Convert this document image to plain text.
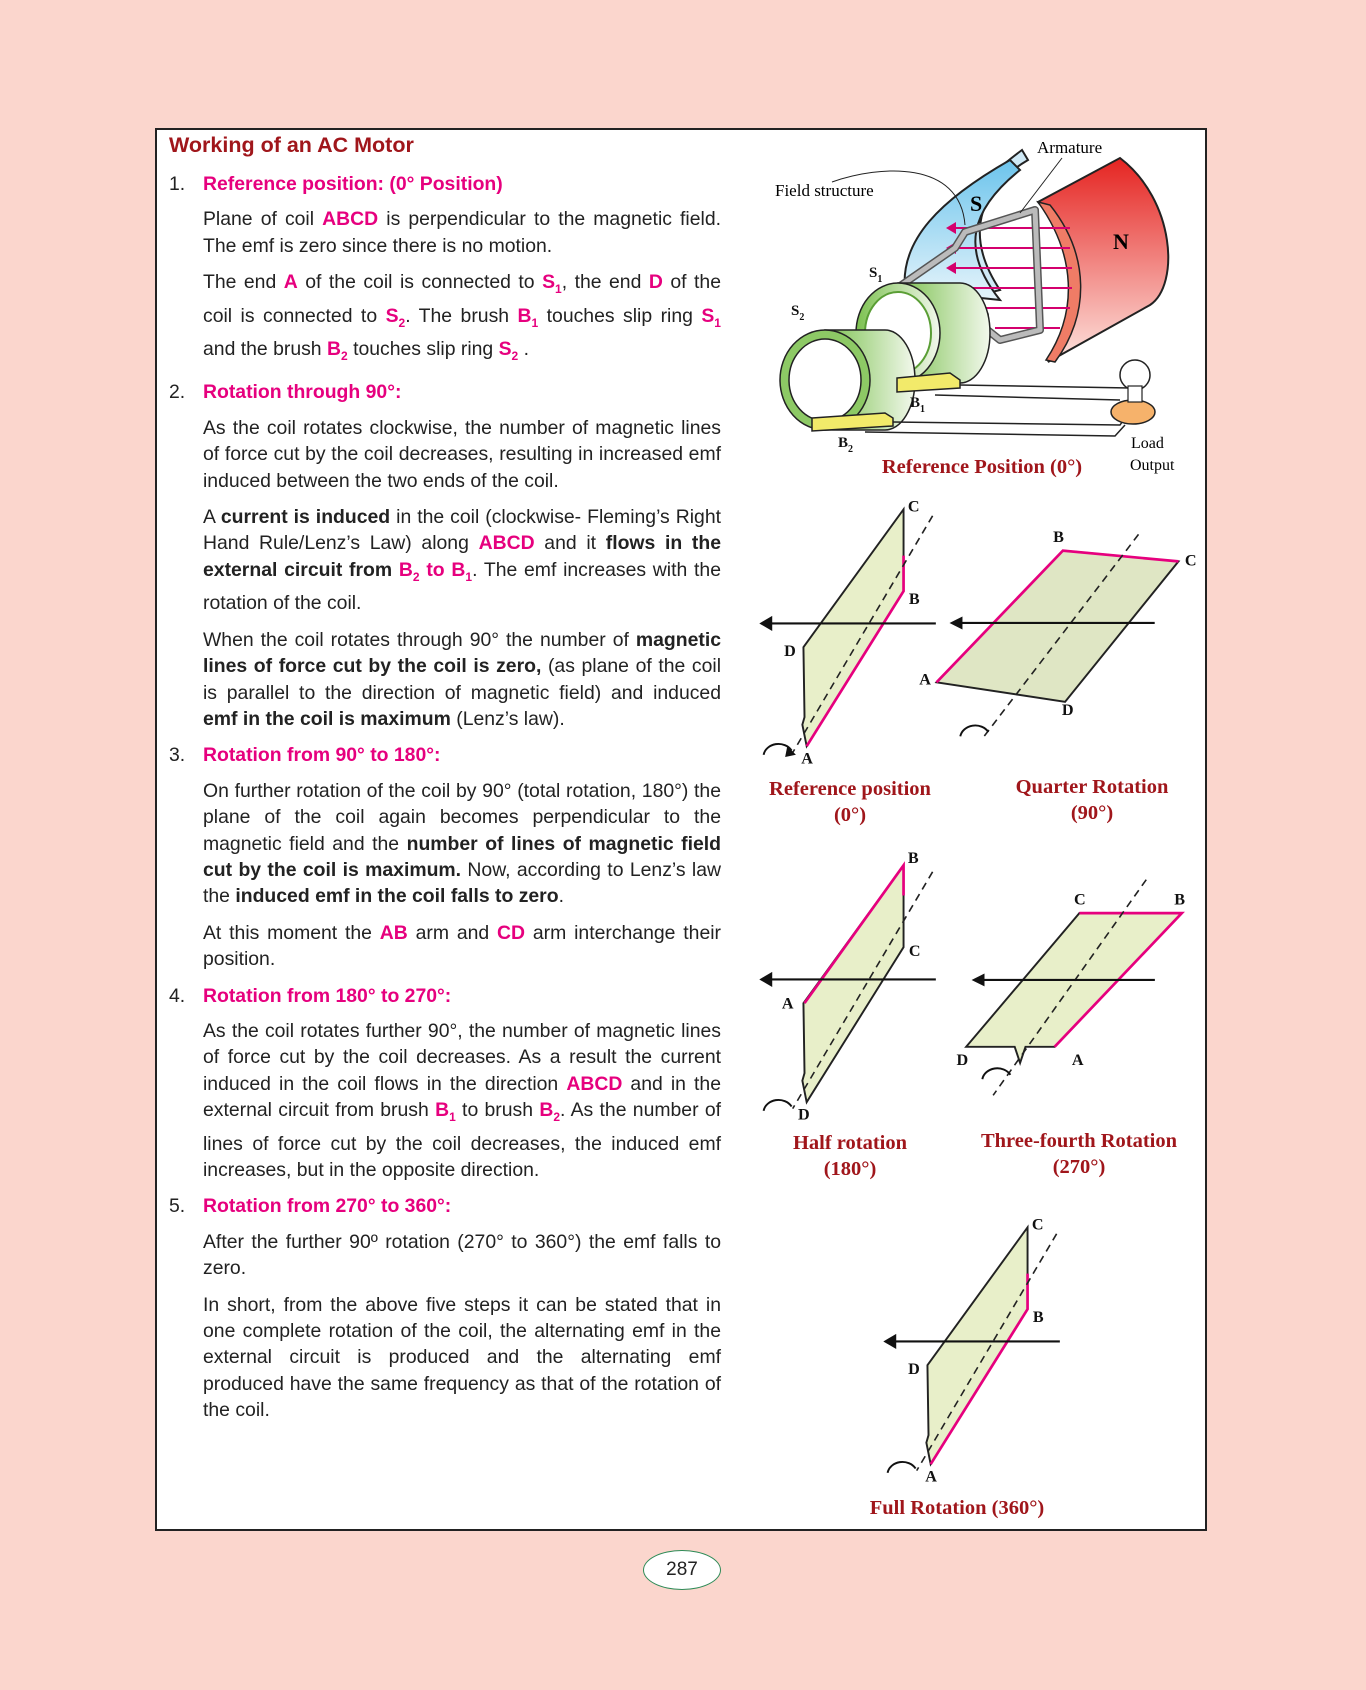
Working of an AC Motor
1. Reference position: (0° Position)
Plane of coil ABCD is perpendicular to the magnetic field. The emf is zero since there is no motion.
The end A of the coil is connected to $S_1$, the end D of the coil is connected to $S_2$. The brush $B_1$ touches slip ring $S_1$ and the brush $B_2$ touches slip ring $S_2$ .
2. Rotation through 90°:
As the coil rotates clockwise, the number of magnetic lines of force cut by the coil decreases, resulting in increased emf induced between the two ends of the coil.
A current is induced in the coil (clockwise- Fleming’s Right Hand Rule/Lenz’s Law) along ABCD and it flows in the external circuit from $B_2$ to $B_1$. The emf increases with the rotation of the coil.
When the coil rotates through 90° the number of magnetic lines of force cut by the coil is zero, (as plane of the coil is parallel to the direction of magnetic field) and induced emf in the coil is maximum (Lenz’s law).
3. Rotation from 90° to 180°:
On further rotation of the coil by 90° (total rotation, 180°) the plane of the coil again becomes perpendicular to the magnetic field and the number of lines of magnetic field cut by the coil is maximum. Now, according to Lenz’s law the induced emf in the coil falls to zero.
At this moment the AB arm and CD arm interchange their position.
4. Rotation from 180° to 270°:
As the coil rotates further 90°, the number of magnetic lines of force cut by the coil decreases. As a result the current induced in the coil flows in the direction ABCD and in the external circuit from brush $B_1$ to brush $B_2$. As the number of lines of force cut by the coil decreases, the induced emf increases, but in the opposite direction.
5. Rotation from 270° to 360°:
After the further 90º rotation (270° to 360°) the emf falls to zero.
In short, from the above five steps it can be stated that in one complete rotation of the coil, the alternating emf in the external circuit is produced and the alternating emf produced have the same frequency as that of the rotation of the coil.
Armature
Field structure
S
N
$S_1$
$S_2$
$B_1$
$B_2$	Load
Output
Reference Position (0°)
C
B
D
A
B
C
A
D
B
C
A
D
C	B
D	A
C
B
D
A
Reference position
(0°)
Quarter Rotation
(90°)
Half rotation
(180°)
Three-fourth Rotation
(270°)
Full Rotation (360°)
287
